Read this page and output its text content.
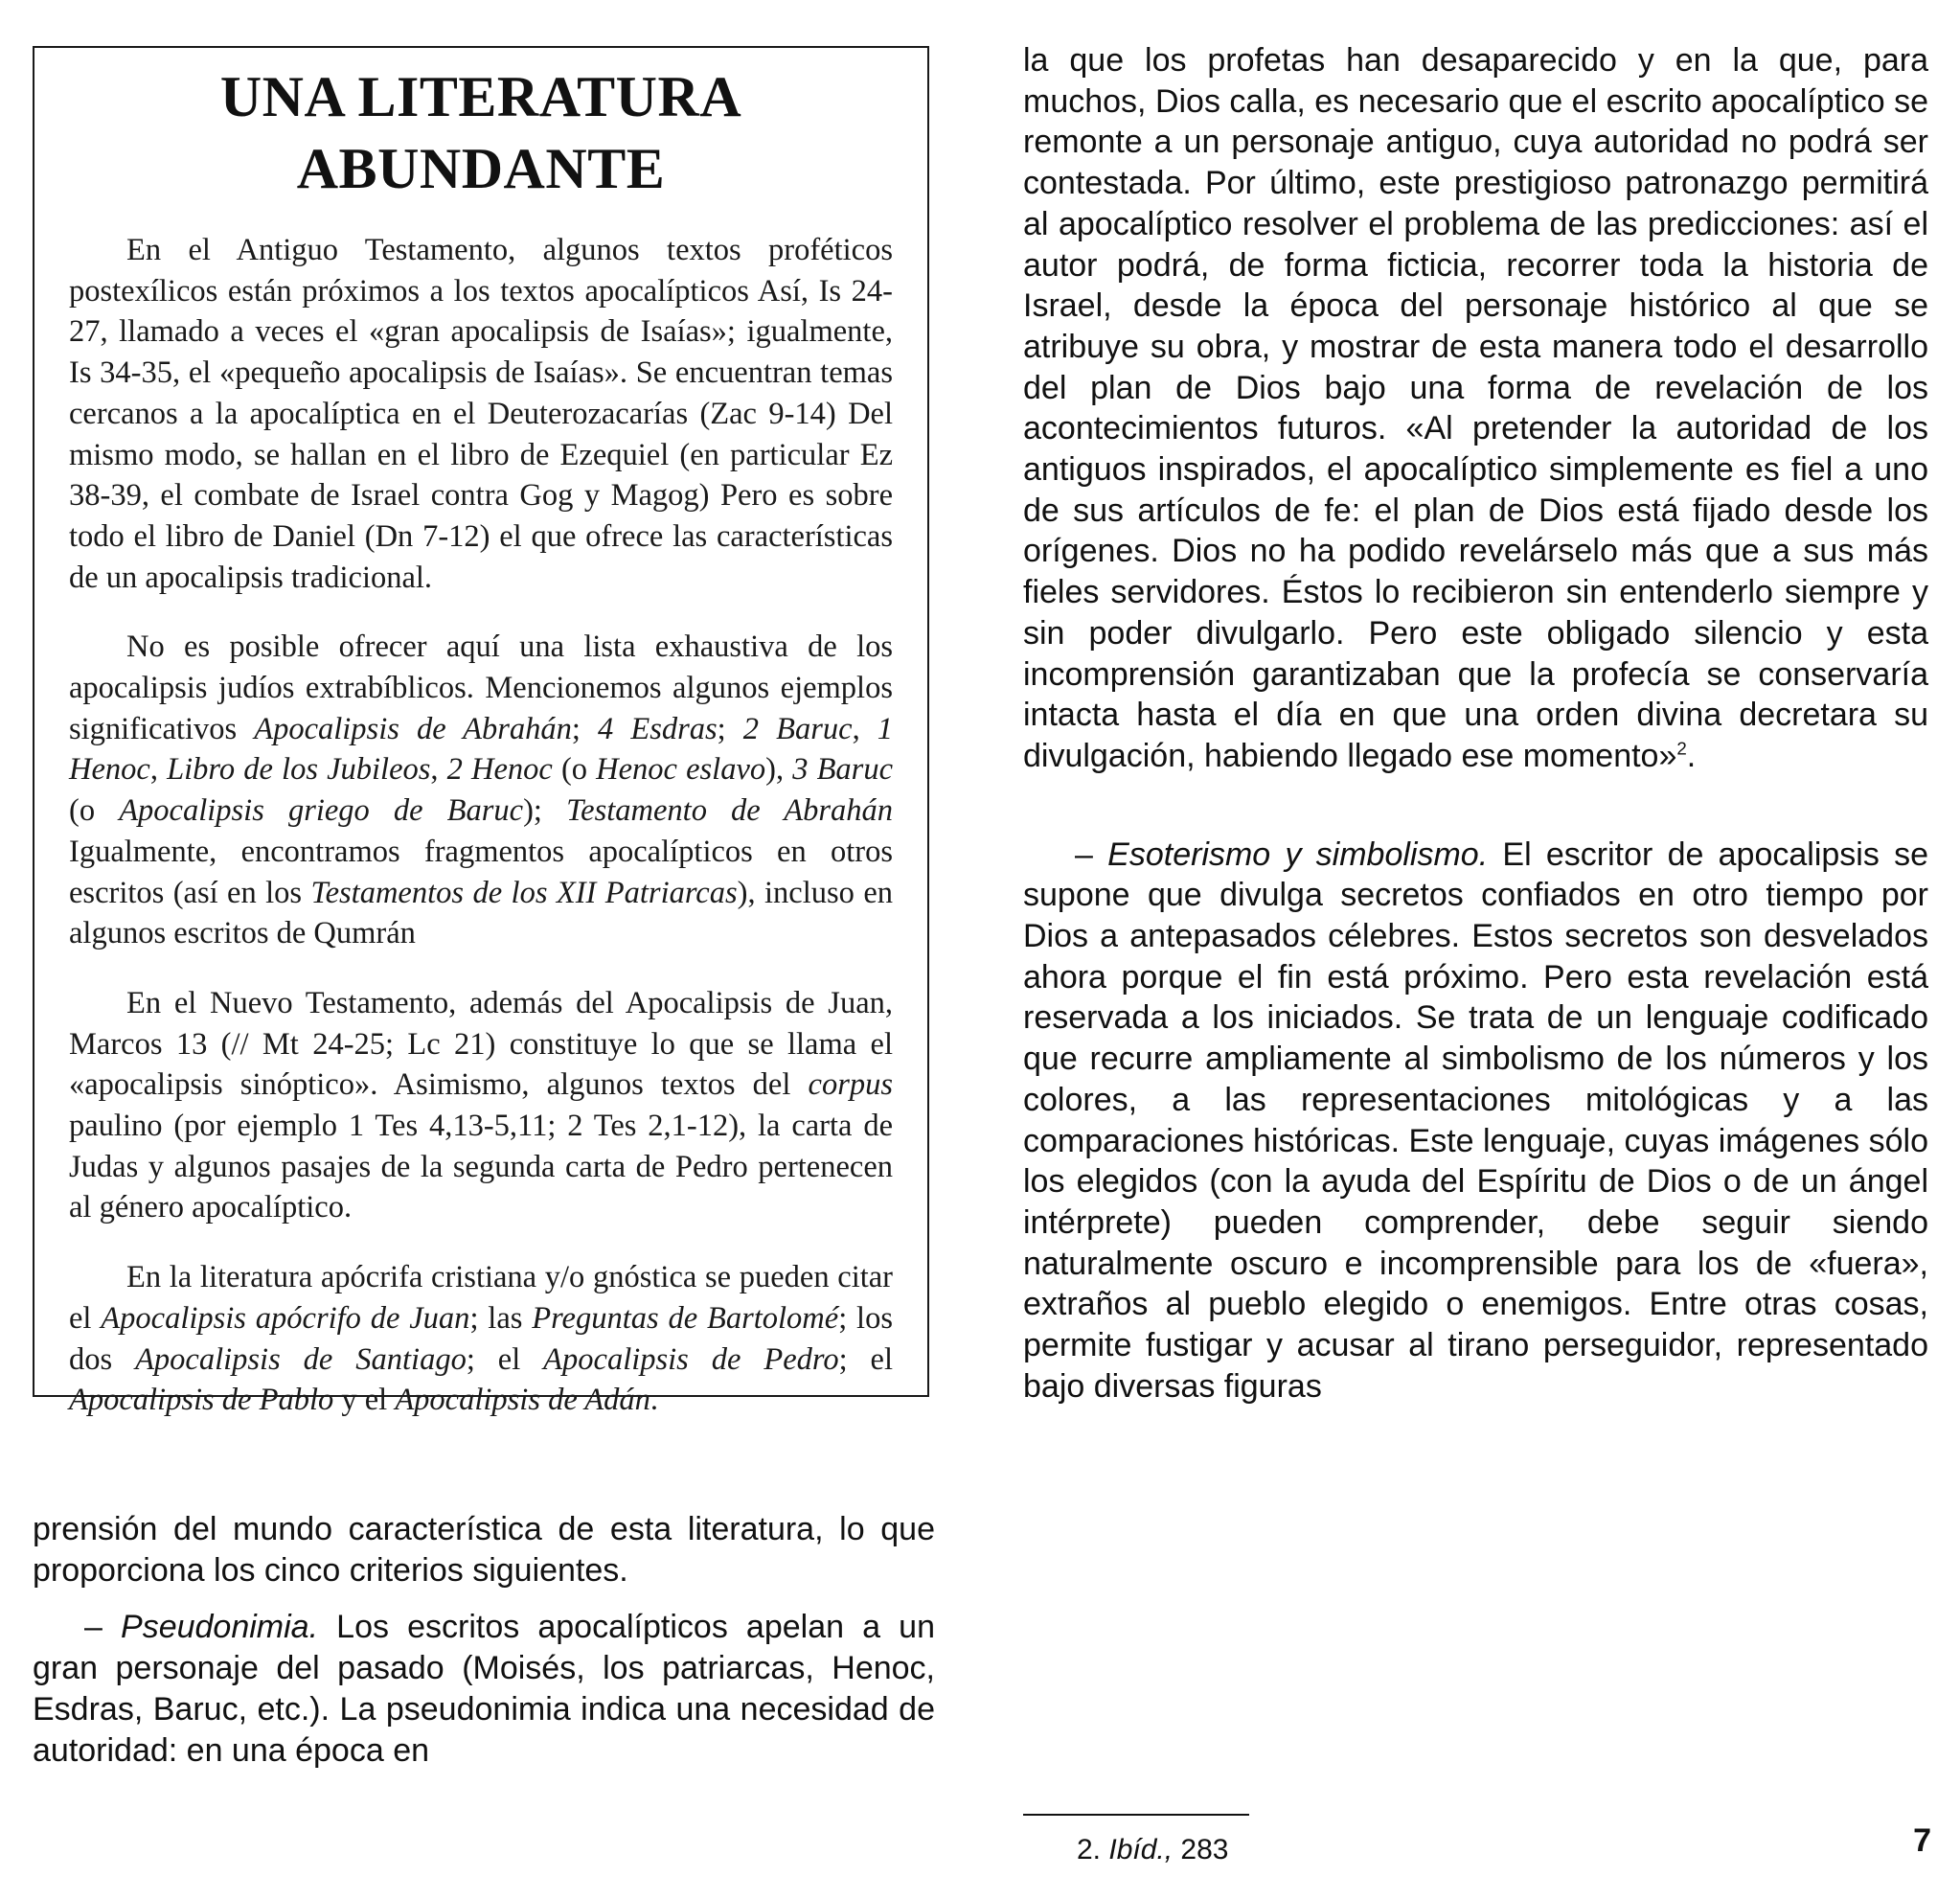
UNA LITERATURA ABUNDANTE

En el Antiguo Testamento, algunos textos proféticos postexílicos están próximos a los textos apocalípticos Así, Is 24-27, llamado a veces el «gran apocalipsis de Isaías»; igualmente, Is 34-35, el «pequeño apocalipsis de Isaías». Se encuentran temas cercanos a la apocalíptica en el Deuterozacarías (Zac 9-14) Del mismo modo, se hallan en el libro de Ezequiel (en particular Ez 38-39, el combate de Israel contra Gog y Magog) Pero es sobre todo el libro de Daniel (Dn 7-12) el que ofrece las características de un apocalipsis tradicional.

No es posible ofrecer aquí una lista exhaustiva de los apocalipsis judíos extrabíblicos. Mencionemos algunos ejemplos significativos Apocalipsis de Abrahán; 4 Esdras; 2 Baruc, 1 Henoc, Libro de los Jubileos, 2 Henoc (o Henoc eslavo), 3 Baruc (o Apocalipsis griego de Baruc); Testamento de Abrahán Igualmente, encontramos fragmentos apocalípticos en otros escritos (así en los Testamentos de los XII Patriarcas), incluso en algunos escritos de Qumrán

En el Nuevo Testamento, además del Apocalipsis de Juan, Marcos 13 (// Mt 24-25; Lc 21) constituye lo que se llama el «apocalipsis sinóptico». Asimismo, algunos textos del corpus paulino (por ejemplo 1 Tes 4,13-5,11; 2 Tes 2,1-12), la carta de Judas y algunos pasajes de la segunda carta de Pedro pertenecen al género apocalíptico.

En la literatura apócrifa cristiana y/o gnóstica se pueden citar el Apocalipsis apócrifo de Juan; las Preguntas de Bartolomé; los dos Apocalipsis de Santiago; el Apocalipsis de Pedro; el Apocalipsis de Pablo y el Apocalipsis de Adán.

prensión del mundo característica de esta literatura, lo que proporciona los cinco criterios siguientes.

– Pseudonimia. Los escritos apocalípticos apelan a un gran personaje del pasado (Moisés, los patriarcas, Henoc, Esdras, Baruc, etc.). La pseudonimia indica una necesidad de autoridad: en una época en

la que los profetas han desaparecido y en la que, para muchos, Dios calla, es necesario que el escrito apocalíptico se remonte a un personaje antiguo, cuya autoridad no podrá ser contestada. Por último, este prestigioso patronazgo permitirá al apocalíptico resolver el problema de las predicciones: así el autor podrá, de forma ficticia, recorrer toda la historia de Israel, desde la época del personaje histórico al que se atribuye su obra, y mostrar de esta manera todo el desarrollo del plan de Dios bajo una forma de revelación de los acontecimientos futuros. «Al pretender la autoridad de los antiguos inspirados, el apocalíptico simplemente es fiel a uno de sus artículos de fe: el plan de Dios está fijado desde los orígenes. Dios no ha podido revelárselo más que a sus más fieles servidores. Éstos lo recibieron sin entenderlo siempre y sin poder divulgarlo. Pero este obligado silencio y esta incomprensión garantizaban que la profecía se conservaría intacta hasta el día en que una orden divina decretara su divulgación, habiendo llegado ese momento»$^2$.

– Esoterismo y simbolismo. El escritor de apocalipsis se supone que divulga secretos confiados en otro tiempo por Dios a antepasados célebres. Estos secretos son desvelados ahora porque el fin está próximo. Pero esta revelación está reservada a los iniciados. Se trata de un lenguaje codificado que recurre ampliamente al simbolismo de los números y los colores, a las representaciones mitológicas y a las comparaciones históricas. Este lenguaje, cuyas imágenes sólo los elegidos (con la ayuda del Espíritu de Dios o de un ángel intérprete) pueden comprender, debe seguir siendo naturalmente oscuro e incomprensible para los de «fuera», extraños al pueblo elegido o enemigos. Entre otras cosas, permite fustigar y acusar al tirano perseguidor, representado bajo diversas figuras

2. Ibíd., 283	7
